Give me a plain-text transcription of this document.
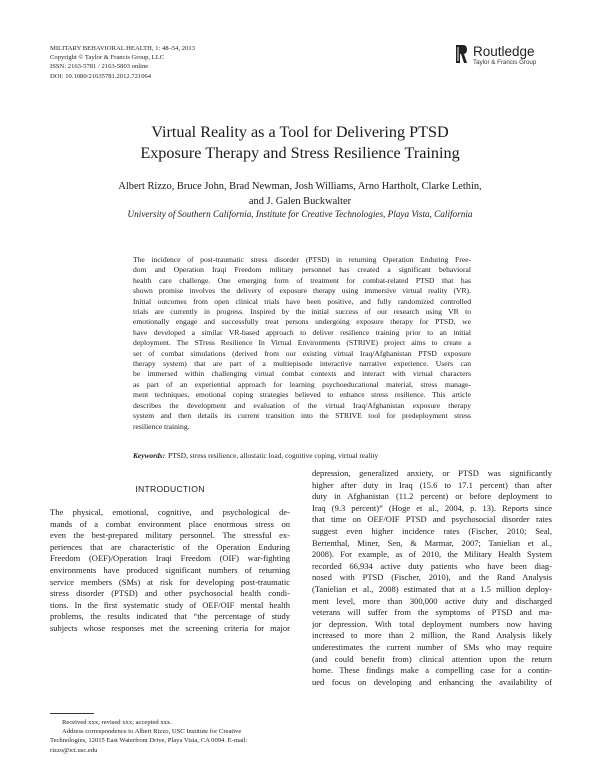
MILITARY BEHAVIORAL HEALTH, 1: 48–54, 2013
Copyright © Taylor & Francis Group, LLC
ISSN: 2163-5781 / 2163-5803 online
DOI: 10.1080/21635781.2012.721064
Routledge
Taylor & Francis Group
Virtual Reality as a Tool for Delivering PTSD
Exposure Therapy and Stress Resilience Training
Albert Rizzo, Bruce John, Brad Newman, Josh Williams, Arno Hartholt, Clarke Lethin,
and J. Galen Buckwalter
University of Southern California, Institute for Creative Technologies, Playa Vista, California
The incidence of post-traumatic stress disorder (PTSD) in returning Operation Enduring Free-
dom and Operation Iraqi Freedom military personnel has created a significant behavioral
health care challenge. One emerging form of treatment for combat-related PTSD that has
shown promise involves the delivery of exposure therapy using immersive virtual reality (VR).
Initial outcomes from open clinical trials have been positive, and fully randomized controlled
trials are currently in progress. Inspired by the initial success of our research using VR to
emotionally engage and successfully treat persons undergoing exposure therapy for PTSD, we
have developed a similar VR-based approach to deliver resilience training prior to an initial
deployment. The STress Resilience In Virtual Environments (STRIVE) project aims to create a
set of combat simulations (derived from our existing virtual Iraq/Afghanistan PTSD exposure
therapy system) that are part of a multiepisode interactive narrative experience. Users can
be immersed within challenging virtual combat contexts and interact with virtual characters
as part of an experiential approach for learning psychoeducational material, stress manage-
ment techniques, emotional coping strategies believed to enhance stress resilience. This article
describes the development and evaluation of the virtual Iraq/Afghanistan exposure therapy
system and then details its current transition into the STRIVE tool for predeployment stress
resilience training.
Keywords: PTSD, stress resilience, allostatic load, cognitive coping, virtual reality
INTRODUCTION
The physical, emotional, cognitive, and psychological de-
mands of a combat environment place enormous stress on
even the best-prepared military personnel. The stressful ex-
periences that are characteristic of the Operation Enduring
Freedom (OEF)/Operation Iraqi Freedom (OIF) war-fighting
environments have produced significant numbers of returning
service members (SMs) at risk for developing post-traumatic
stress disorder (PTSD) and other psychosocial health condi-
tions. In the first systematic study of OEF/OIF mental health
problems, the results indicated that “the percentage of study
subjects whose responses met the screening criteria for major
depression, generalized anxiety, or PTSD was significantly
higher after duty in Iraq (15.6 to 17.1 percent) than after
duty in Afghanistan (11.2 percent) or before deployment to
Iraq (9.3 percent)” (Hoge et al., 2004, p. 13). Reports since
that time on OEF/OIF PTSD and psychosocial disorder rates
suggest even higher incidence rates (Fischer, 2010; Seal,
Bertenthal, Miner, Sen, & Marmar, 2007; Tanielian et al.,
2008). For example, as of 2010, the Military Health System
recorded 66,934 active duty patients who have been diag-
nosed with PTSD (Fischer, 2010), and the Rand Analysis
(Tanielian et al., 2008) estimated that at a 1.5 million deploy-
ment level, more than 300,000 active duty and discharged
veterans will suffer from the symptoms of PTSD and ma-
jor depression. With total deployment numbers now having
increased to more than 2 million, the Rand Analysis likely
underestimates the current number of SMs who may require
(and could benefit from) clinical attention upon the return
home. These findings make a compelling case for a contin-
ued focus on developing and enhancing the availability of
Received xxx; revised xxx; accepted xxx.
Address correspondence to Albert Rizzo, USC Institute for Creative
Technologies, 12015 East Waterfront Drive, Playa Vista, CA 0094. E-mail:
rizzo@ict.usc.edu
